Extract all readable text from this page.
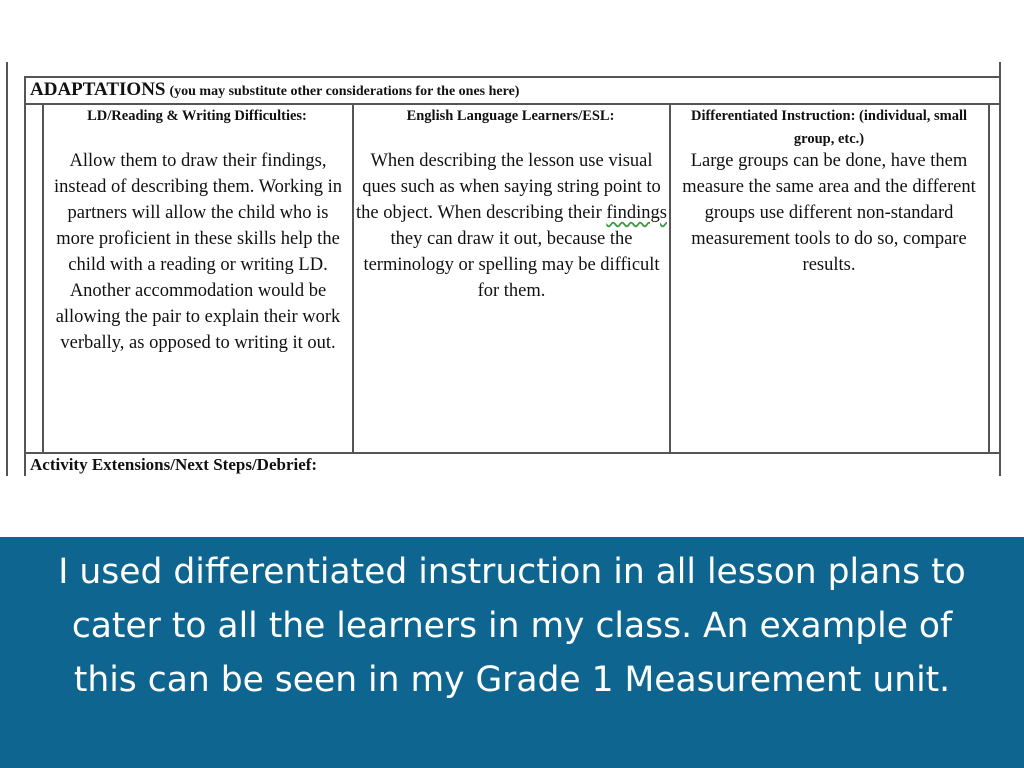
ADAPTATIONS (you may substitute other considerations for the ones here)
LD/Reading & Writing Difficulties:
Allow them to draw their findings, instead of describing them. Working in partners will allow the child who is more proficient in these skills help the child with a reading or writing LD. Another accommodation would be allowing the pair to explain their work verbally, as opposed to writing it out.
English Language Learners/ESL:
When describing the lesson use visual ques such as when saying string point to the object. When describing their findings they can draw it out, because the terminology or spelling may be difficult for them.
Differentiated Instruction: (individual, small group, etc.)
Large groups can be done, have them measure the same area and the different groups use different non-standard measurement tools to do so, compare results.
Activity Extensions/Next Steps/Debrief:
I used differentiated instruction in all lesson plans to cater to all the learners in my class. An example of this can be seen in my Grade 1 Measurement unit.
